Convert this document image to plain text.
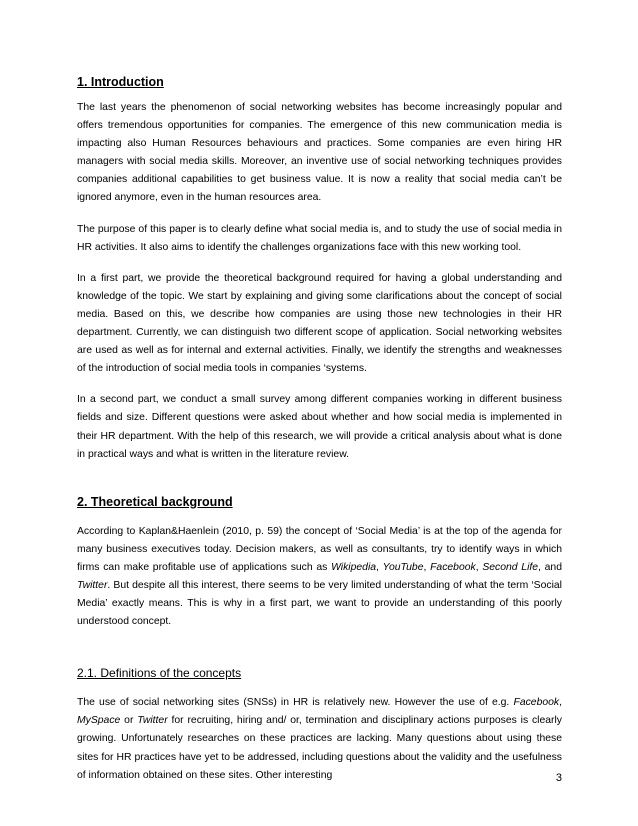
1. Introduction

The last years the phenomenon of social networking websites has become increasingly popular and offers tremendous opportunities for companies. The emergence of this new communication media is impacting also Human Resources behaviours and practices. Some companies are even hiring HR managers with social media skills. Moreover, an inventive use of social networking techniques provides companies additional capabilities to get business value. It is now a reality that social media can’t be ignored anymore, even in the human resources area.

The purpose of this paper is to clearly define what social media is, and to study the use of social media in HR activities. It also aims to identify the challenges organizations face with this new working tool.

In a first part, we provide the theoretical background required for having a global understanding and knowledge of the topic. We start by explaining and giving some clarifications about the concept of social media. Based on this, we describe how companies are using those new technologies in their HR department. Currently, we can distinguish two different scope of application. Social networking websites are used as well as for internal and external activities. Finally, we identify the strengths and weaknesses of the introduction of social media tools in companies ‘systems.

In a second part, we conduct a small survey among different companies working in different business fields and size. Different questions were asked about whether and how social media is implemented in their HR department. With the help of this research, we will provide a critical analysis about what is done in practical ways and what is written in the literature review.

2. Theoretical background

According to Kaplan&Haenlein (2010, p. 59) the concept of ‘Social Media’ is at the top of the agenda for many business executives today. Decision makers, as well as consultants, try to identify ways in which firms can make profitable use of applications such as Wikipedia, YouTube, Facebook, Second Life, and Twitter. But despite all this interest, there seems to be very limited understanding of what the term ‘Social Media’ exactly means. This is why in a first part, we want to provide an understanding of this poorly understood concept.

2.1. Definitions of the concepts

The use of social networking sites (SNSs) in HR is relatively new. However the use of e.g. Facebook, MySpace or Twitter for recruiting, hiring and/ or, termination and disciplinary actions purposes is clearly growing. Unfortunately researches on these practices are lacking. Many questions about using these sites for HR practices have yet to be addressed, including questions about the validity and the usefulness of information obtained on these sites. Other interesting	3
